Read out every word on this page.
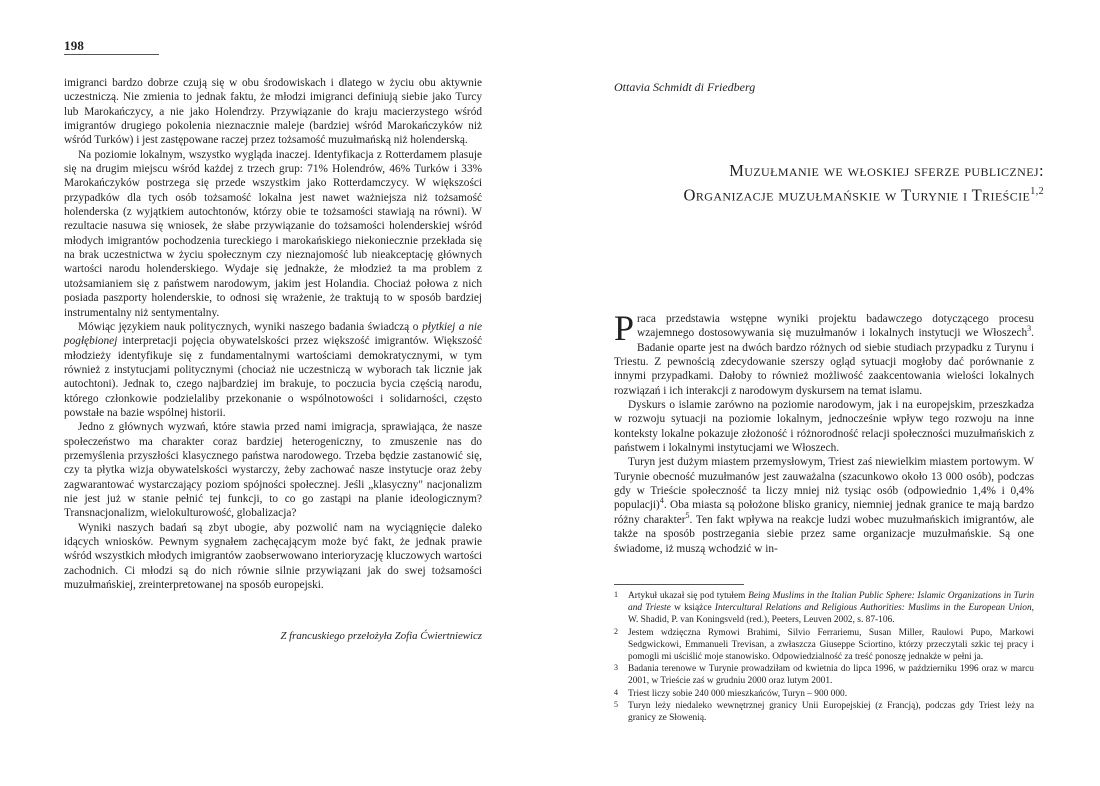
198

imigranci bardzo dobrze czują się w obu środowiskach i dlatego w życiu obu aktywnie uczestniczą. Nie zmienia to jednak faktu, że młodzi imigranci definiują siebie jako Turcy lub Marokańczycy, a nie jako Holendrzy. Przywiązanie do kraju macierzystego wśród imigrantów drugiego pokolenia nieznacznie maleje (bardziej wśród Marokańczyków niż wśród Turków) i jest zastępowane raczej przez tożsamość muzułmańską niż holenderską.

Na poziomie lokalnym, wszystko wygląda inaczej. Identyfikacja z Rotterdamem plasuje się na drugim miejscu wśród każdej z trzech grup: 71% Holendrów, 46% Turków i 33% Marokańczyków postrzega się przede wszystkim jako Rotterdamczycy. W większości przypadków dla tych osób tożsamość lokalna jest nawet ważniejsza niż tożsamość holenderska (z wyjątkiem autochtonów, którzy obie te tożsamości stawiają na równi). W rezultacie nasuwa się wniosek, że słabe przywiązanie do tożsamości holenderskiej wśród młodych imigrantów pochodzenia tureckiego i marokańskiego niekoniecznie przekłada się na brak uczestnictwa w życiu społecznym czy nieznajomość lub nieakceptację głównych wartości narodu holenderskiego. Wydaje się jednakże, że młodzież ta ma problem z utożsamianiem się z państwem narodowym, jakim jest Holandia. Chociaż połowa z nich posiada paszporty holenderskie, to odnosi się wrażenie, że traktują to w sposób bardziej instrumentalny niż sentymentalny.

Mówiąc językiem nauk politycznych, wyniki naszego badania świadczą o płytkiej a nie pogłębionej interpretacji pojęcia obywatelskości przez większość imigrantów. Większość młodzieży identyfikuje się z fundamentalnymi wartościami demokratycznymi, w tym również z instytucjami politycznymi (chociaż nie uczestniczą w wyborach tak licznie jak autochtoni). Jednak to, czego najbardziej im brakuje, to poczucia bycia częścią narodu, którego członkowie podzielaliby przekonanie o wspólnotowości i solidarności, często powstałe na bazie wspólnej historii.

Jedno z głównych wyzwań, które stawia przed nami imigracja, sprawiająca, że nasze społeczeństwo ma charakter coraz bardziej heterogeniczny, to zmuszenie nas do przemyślenia przyszłości klasycznego państwa narodowego. Trzeba będzie zastanowić się, czy ta płytka wizja obywatelskości wystarczy, żeby zachować nasze instytucje oraz żeby zagwarantować wystarczający poziom spójności społecznej. Jeśli „klasyczny" nacjonalizm nie jest już w stanie pełnić tej funkcji, to co go zastąpi na planie ideologicznym? Transnacjonalizm, wielokulturowość, globalizacja?

Wyniki naszych badań są zbyt ubogie, aby pozwolić nam na wyciągnięcie daleko idących wniosków. Pewnym sygnałem zachęcającym może być fakt, że jednak prawie wśród wszystkich młodych imigrantów zaobserwowano interioryzację kluczowych wartości zachodnich. Ci młodzi są do nich równie silnie przywiązani jak do swej tożsamości muzułmańskiej, zreinterpretowanej na sposób europejski.

Z francuskiego przełożyła Zofia Ćwiertniewicz
Ottavia Schmidt di Friedberg
Muzułmanie we włoskiej sferze publicznej:
Organizacje muzułmańskie w Turynie i Trieście$^{1,2}$

Praca przedstawia wstępne wyniki projektu badawczego dotyczącego procesu wzajemnego dostosowywania się muzułmanów i lokalnych instytucji we Włoszech$^3$. Badanie oparte jest na dwóch bardzo różnych od siebie studiach przypadku z Turynu i Triestu. Z pewnością zdecydowanie szerszy ogląd sytuacji mogłoby dać porównanie z innymi przypadkami. Dałoby to również możliwość zaakcentowania wielości lokalnych rozwiązań i ich interakcji z narodowym dyskursem na temat islamu.

Dyskurs o islamie zarówno na poziomie narodowym, jak i na europejskim, przeszkadza w rozwoju sytuacji na poziomie lokalnym, jednocześnie wpływ tego rozwoju na inne konteksty lokalne pokazuje złożoność i różnorodność relacji społeczności muzułmańskich z państwem i lokalnymi instytucjami we Włoszech.

Turyn jest dużym miastem przemysłowym, Triest zaś niewielkim miastem portowym. W Turynie obecność muzułmanów jest zauważalna (szacunkowo około 13 000 osób), podczas gdy w Trieście społeczność ta liczy mniej niż tysiąc osób (odpowiednio 1,4% i 0,4% populacji)$^4$. Oba miasta są położone blisko granicy, niemniej jednak granice te mają bardzo różny charakter$^5$. Ten fakt wpływa na reakcje ludzi wobec muzułmańskich imigrantów, ale także na sposób postrzegania siebie przez same organizacje muzułmańskie. Są one świadome, iż muszą wchodzić w in-

1	Artykuł ukazał się pod tytułem Being Muslims in the Italian Public Sphere: Islamic Organizations in Turin and Trieste w książce Intercultural Relations and Religious Authorities: Muslims in the European Union, W. Shadid, P. van Koningsveld (red.), Peeters, Leuven 2002, s. 87-106.
2	Jestem wdzięczna Rymowi Brahimi, Silvio Ferrariemu, Susan Miller, Raulowi Pupo, Markowi Sedgwickowi, Emmanueli Trevisan, a zwłaszcza Giuseppe Sciortino, którzy przeczytali szkic tej pracy i pomogli mi uściślić moje stanowisko. Odpowiedzialność za treść ponoszę jednakże w pełni ja.
3	Badania terenowe w Turynie prowadziłam od kwietnia do lipca 1996, w październiku 1996 oraz w marcu 2001, w Trieście zaś w grudniu 2000 oraz lutym 2001.
4	Triest liczy sobie 240 000 mieszkańców, Turyn – 900 000.
5	Turyn leży niedaleko wewnętrznej granicy Unii Europejskiej (z Francją), podczas gdy Triest leży na granicy ze Słowenią.
